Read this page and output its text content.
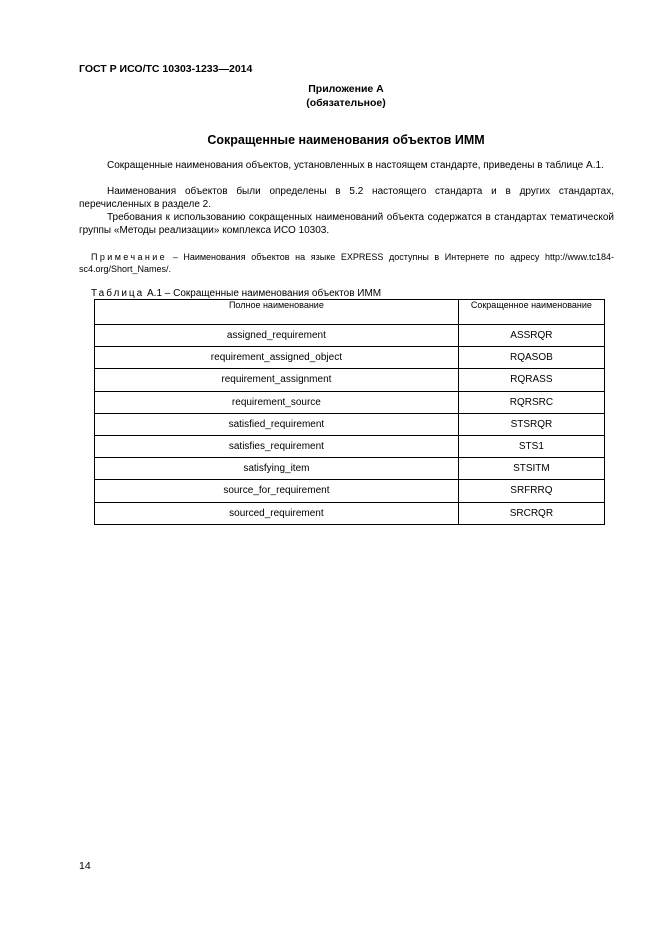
ГОСТ Р ИСО/ТС 10303-1233—2014
Приложение А
(обязательное)
Сокращенные наименования объектов ИММ
Сокращенные наименования объектов, установленных в настоящем стандарте, приведены в таблице А.1.
Наименования объектов были определены в 5.2 настоящего стандарта и в других стандартах, перечисленных в разделе 2.
Требования к использованию сокращенных наименований объекта содержатся в стандартах тематической группы «Методы реализации» комплекса ИСО 10303.
Примечание – Наименования объектов на языке EXPRESS доступны в Интернете по адресу http://www.tc184-sc4.org/Short_Names/.
Таблица А.1 – Сокращенные наименования объектов ИММ
Полное наименование	Сокращенное наименование
assigned_requirement	ASSRQR
requirement_assigned_object	RQASOB
requirement_assignment	RQRASS
requirement_source	RQRSRC
satisfied_requirement	STSRQR
satisfies_requirement	STS1
satisfying_item	STSITM
source_for_requirement	SRFRRQ
sourced_requirement	SRCRQR
14
